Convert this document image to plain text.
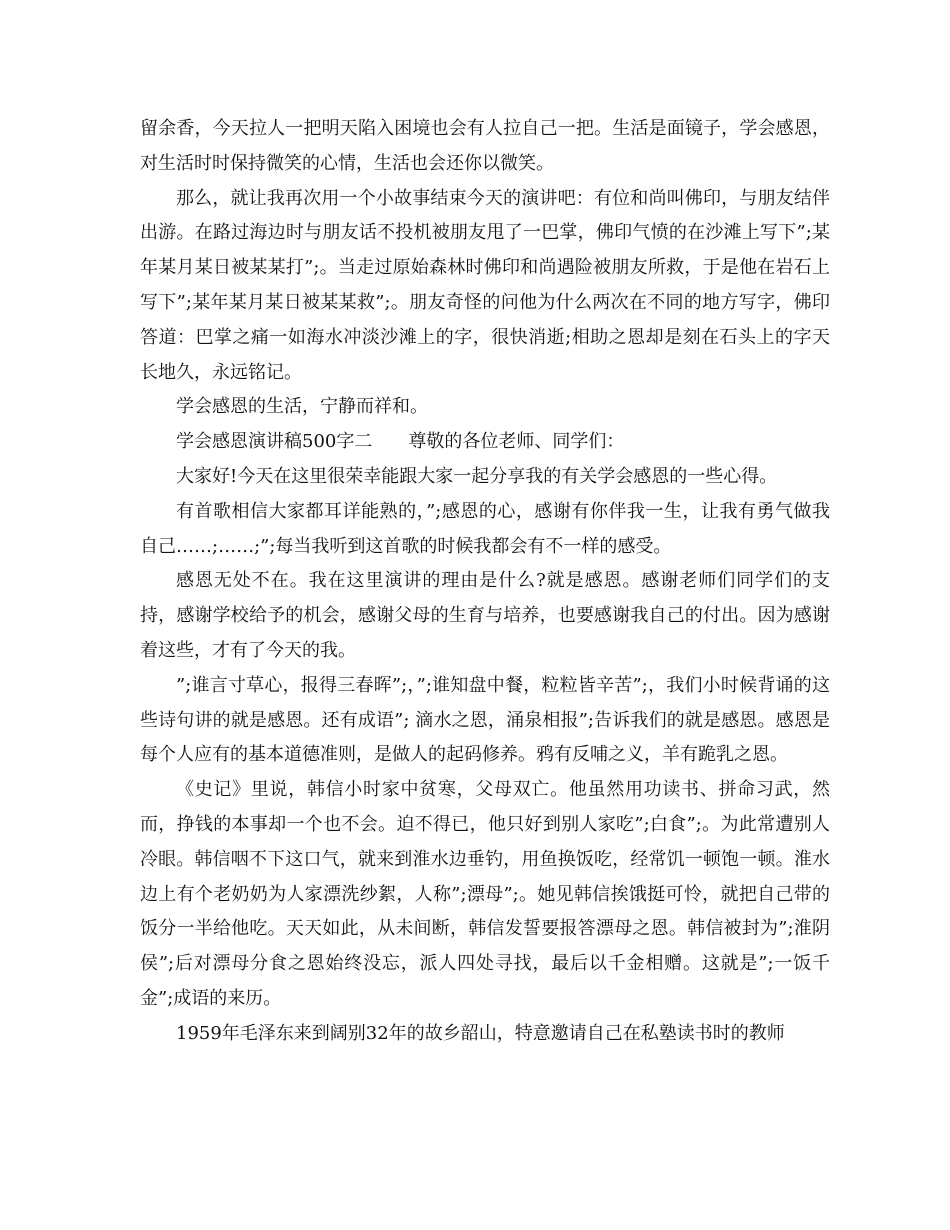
留余香，今天拉人一把明天陷入困境也会有人拉自己一把。生活是面镜子，学会感恩，对生活时时保持微笑的心情，生活也会还你以微笑。

那么，就让我再次用一个小故事结束今天的演讲吧：有位和尚叫佛印，与朋友结伴出游。在路过海边时与朋友话不投机被朋友甩了一巴掌，佛印气愤的在沙滩上写下”;某年某月某日被某某打”;。当走过原始森林时佛印和尚遇险被朋友所救，于是他在岩石上写下”;某年某月某日被某某救”;。朋友奇怪的问他为什么两次在不同的地方写字，佛印答道：巴掌之痛一如海水冲淡沙滩上的字，很快消逝;相助之恩却是刻在石头上的字天长地久，永远铭记。

学会感恩的生活，宁静而祥和。

学会感恩演讲稿500字二　　尊敬的各位老师、同学们：

大家好!今天在这里很荣幸能跟大家一起分享我的有关学会感恩的一些心得。

有首歌相信大家都耳详能熟的，”;感恩的心，感谢有你伴我一生，让我有勇气做我自己……;……;”;每当我听到这首歌的时候我都会有不一样的感受。

感恩无处不在。我在这里演讲的理由是什么?就是感恩。感谢老师们同学们的支持，感谢学校给予的机会，感谢父母的生育与培养，也要感谢我自己的付出。因为感谢着这些，才有了今天的我。

”;谁言寸草心，报得三春晖”;，”;谁知盘中餐，粒粒皆辛苦”;，我们小时候背诵的这些诗句讲的就是感恩。还有成语”; 滴水之恩，涌泉相报”;告诉我们的就是感恩。感恩是每个人应有的基本道德准则，是做人的起码修养。鸦有反哺之义，羊有跪乳之恩。

《史记》里说，韩信小时家中贫寒，父母双亡。他虽然用功读书、拼命习武，然而，挣钱的本事却一个也不会。迫不得已，他只好到别人家吃”;白食”;。为此常遭别人冷眼。韩信咽不下这口气，就来到淮水边垂钓，用鱼换饭吃，经常饥一顿饱一顿。淮水边上有个老奶奶为人家漂洗纱絮，人称”;漂母”;。她见韩信挨饿挺可怜，就把自己带的饭分一半给他吃。天天如此，从未间断，韩信发誓要报答漂母之恩。韩信被封为”;淮阴侯”;后对漂母分食之恩始终没忘，派人四处寻找，最后以千金相赠。这就是”;一饭千金”;成语的来历。

1959年毛泽东来到阔别32年的故乡韶山，特意邀请自己在私塾读书时的教师
